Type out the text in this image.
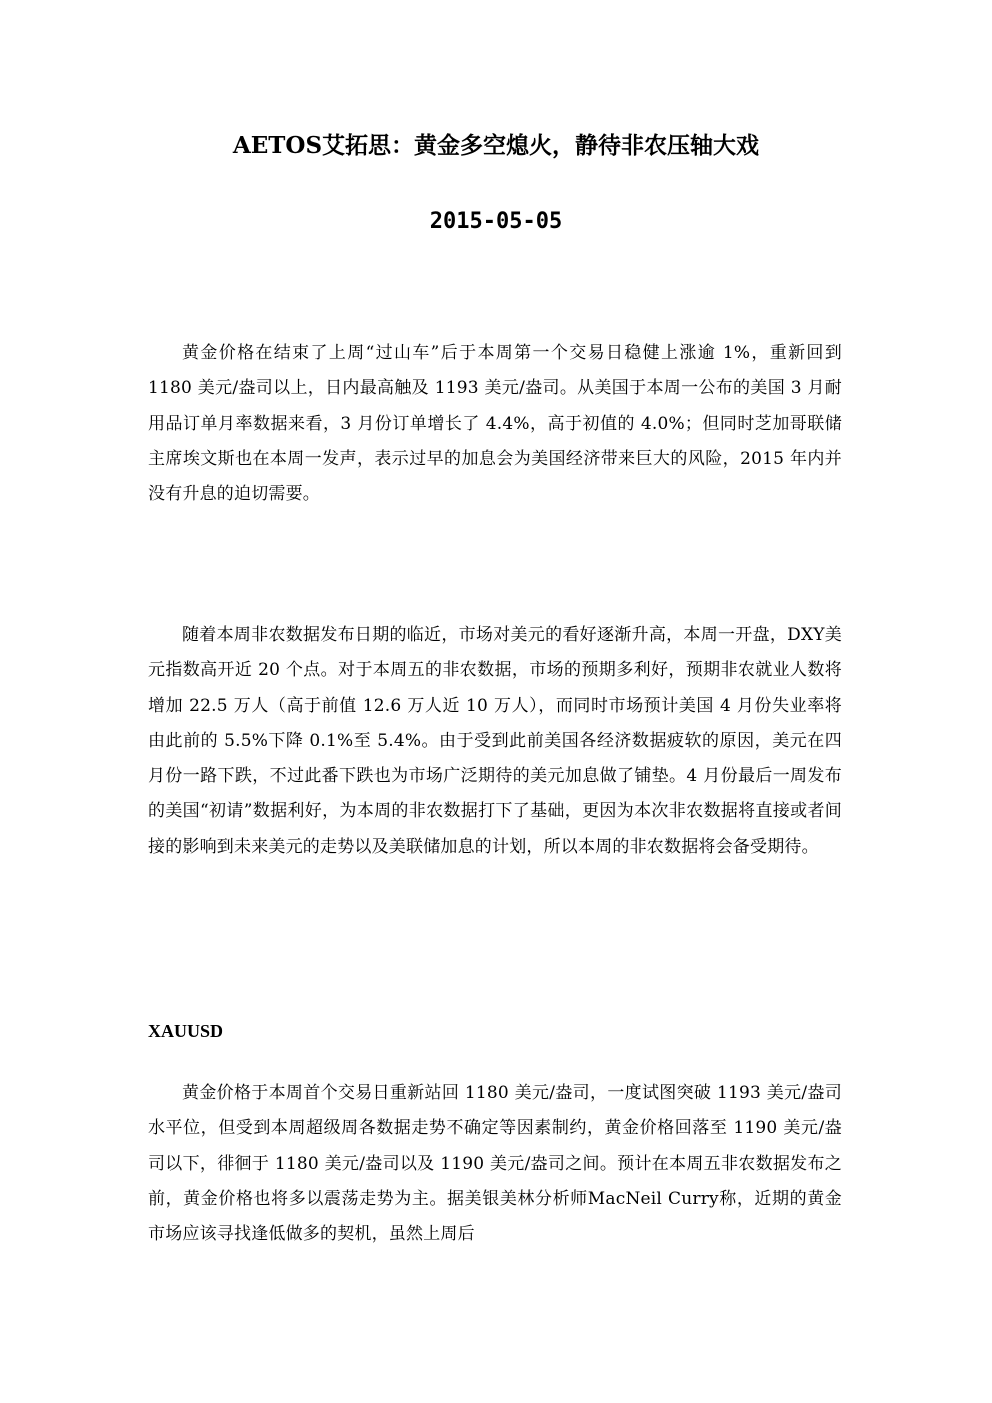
AETOS艾拓思：黄金多空熄火，静待非农压轴大戏
2015-05-05

黄金价格在结束了上周“过山车”后于本周第一个交易日稳健上涨逾 1%，重新回到 1180 美元/盎司以上，日内最高触及 1193 美元/盎司。从美国于本周一公布的美国 3 月耐用品订单月率数据来看，3 月份订单增长了 4.4%，高于初值的 4.0%；但同时芝加哥联储主席埃文斯也在本周一发声，表示过早的加息会为美国经济带来巨大的风险，2015 年内并没有升息的迫切需要。

随着本周非农数据发布日期的临近，市场对美元的看好逐渐升高，本周一开盘，DXY美元指数高开近 20 个点。对于本周五的非农数据，市场的预期多利好，预期非农就业人数将增加 22.5 万人（高于前值 12.6 万人近 10 万人），而同时市场预计美国 4 月份失业率将由此前的 5.5%下降 0.1%至 5.4%。由于受到此前美国各经济数据疲软的原因，美元在四月份一路下跌，不过此番下跌也为市场广泛期待的美元加息做了铺垫。4 月份最后一周发布的美国“初请”数据利好，为本周的非农数据打下了基础，更因为本次非农数据将直接或者间接的影响到未来美元的走势以及美联储加息的计划，所以本周的非农数据将会备受期待。

XAUUSD

黄金价格于本周首个交易日重新站回 1180 美元/盎司，一度试图突破 1193 美元/盎司水平位，但受到本周超级周各数据走势不确定等因素制约，黄金价格回落至 1190 美元/盎司以下，徘徊于 1180 美元/盎司以及 1190 美元/盎司之间。预计在本周五非农数据发布之前，黄金价格也将多以震荡走势为主。据美银美林分析师MacNeil Curry称，近期的黄金市场应该寻找逢低做多的契机，虽然上周后
